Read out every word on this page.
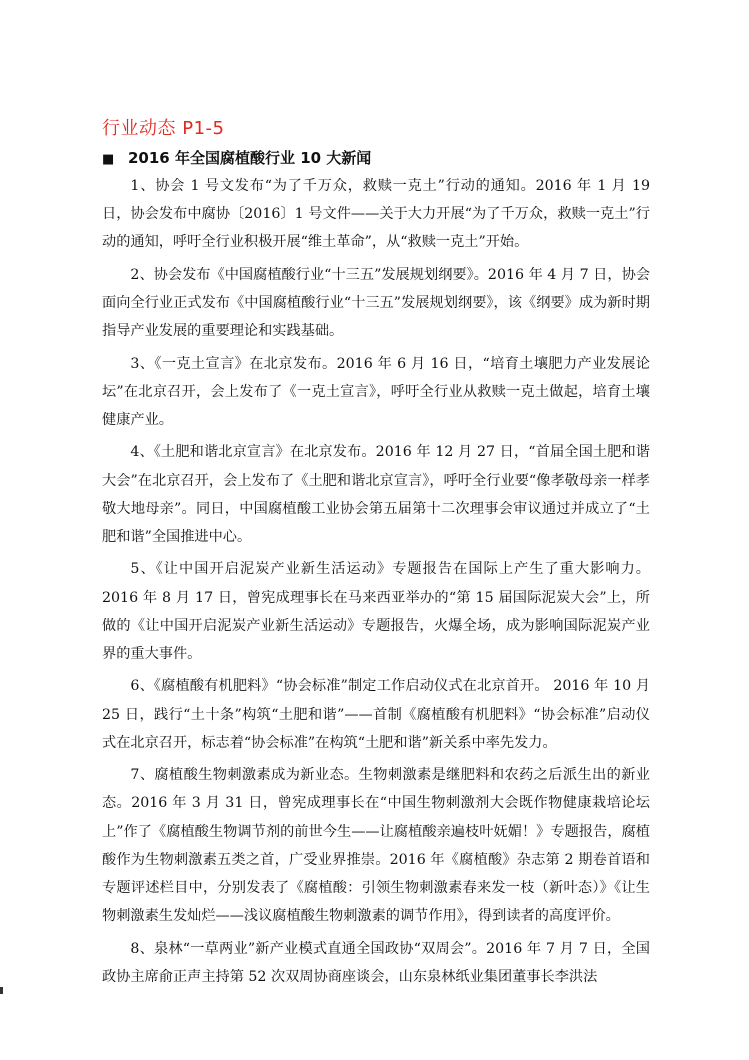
行业动态 P1-5
■ 2016 年全国腐植酸行业 10 大新闻

1、协会 1 号文发布“为了千万众，救赎一克土”行动的通知。2016 年 1 月 19 日，协会发布中腐协〔2016〕1 号文件——关于大力开展“为了千万众，救赎一克土”行动的通知，呼吁全行业积极开展“维土革命”，从“救赎一克土”开始。

2、协会发布《中国腐植酸行业“十三五”发展规划纲要》。2016 年 4 月 7 日，协会面向全行业正式发布《中国腐植酸行业“十三五”发展规划纲要》，该《纲要》成为新时期指导产业发展的重要理论和实践基础。

3、《一克土宣言》在北京发布。2016 年 6 月 16 日，“培育土壤肥力产业发展论坛”在北京召开，会上发布了《一克土宣言》，呼吁全行业从救赎一克土做起，培育土壤健康产业。

4、《土肥和谐北京宣言》在北京发布。2016 年 12 月 27 日，“首届全国土肥和谐大会”在北京召开，会上发布了《土肥和谐北京宣言》，呼吁全行业要“像孝敬母亲一样孝敬大地母亲”。同日，中国腐植酸工业协会第五届第十二次理事会审议通过并成立了“土肥和谐”全国推进中心。

5、《让中国开启泥炭产业新生活运动》专题报告在国际上产生了重大影响力。2016 年 8 月 17 日，曾宪成理事长在马来西亚举办的“第 15 届国际泥炭大会”上，所做的《让中国开启泥炭产业新生活运动》专题报告，火爆全场，成为影响国际泥炭产业界的重大事件。

6、《腐植酸有机肥料》“协会标准”制定工作启动仪式在北京首开。 2016 年 10 月 25 日，践行“土十条”构筑“土肥和谐”——首制《腐植酸有机肥料》“协会标准”启动仪式在北京召开，标志着“协会标准”在构筑“土肥和谐”新关系中率先发力。

7、腐植酸生物刺激素成为新业态。生物刺激素是继肥料和农药之后派生出的新业态。2016 年 3 月 31 日，曾宪成理事长在“中国生物刺激剂大会既作物健康栽培论坛上”作了《腐植酸生物调节剂的前世今生——让腐植酸亲遍枝叶妩媚！》专题报告，腐植酸作为生物刺激素五类之首，广受业界推崇。2016 年《腐植酸》杂志第 2 期卷首语和专题评述栏目中，分别发表了《腐植酸：引领生物刺激素春来发一枝（新叶态）》《让生物刺激素生发灿烂——浅议腐植酸生物刺激素的调节作用》，得到读者的高度评价。

8、泉林“一草两业”新产业模式直通全国政协“双周会”。2016 年 7 月 7 日，全国政协主席俞正声主持第 52 次双周协商座谈会，山东泉林纸业集团董事长李洪法
